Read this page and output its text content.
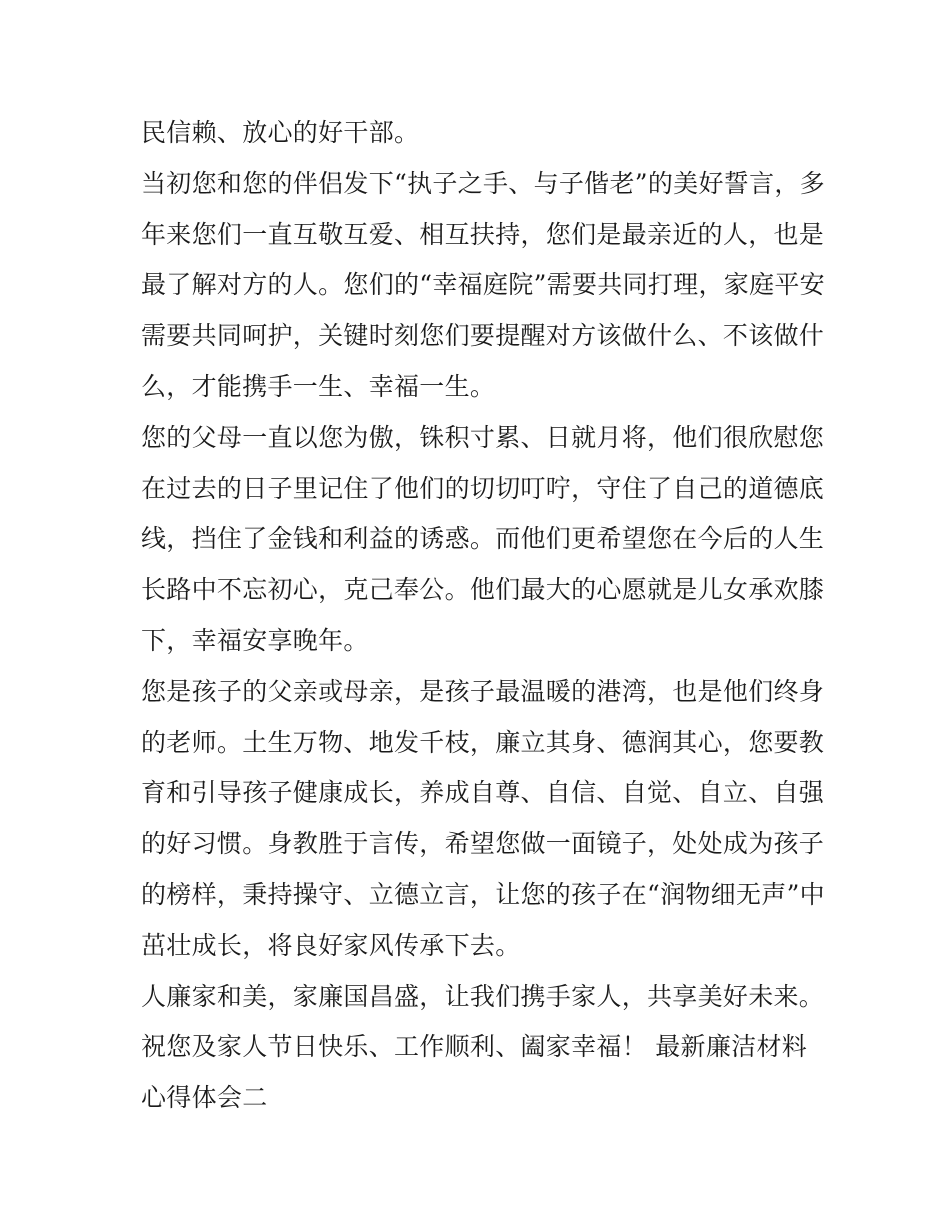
民信赖、放心的好干部。
当初您和您的伴侣发下“执子之手、与子偕老”的美好誓言，多
年来您们一直互敬互爱、相互扶持，您们是最亲近的人，也是
最了解对方的人。您们的“幸福庭院”需要共同打理，家庭平安
需要共同呵护，关键时刻您们要提醒对方该做什么、不该做什
么，才能携手一生、幸福一生。
您的父母一直以您为傲，铢积寸累、日就月将，他们很欣慰您
在过去的日子里记住了他们的切切叮咛，守住了自己的道德底
线，挡住了金钱和利益的诱惑。而他们更希望您在今后的人生
长路中不忘初心，克己奉公。他们最大的心愿就是儿女承欢膝
下，幸福安享晚年。
您是孩子的父亲或母亲，是孩子最温暖的港湾，也是他们终身
的老师。土生万物、地发千枝，廉立其身、德润其心，您要教
育和引导孩子健康成长，养成自尊、自信、自觉、自立、自强
的好习惯。身教胜于言传，希望您做一面镜子，处处成为孩子
的榜样，秉持操守、立德立言，让您的孩子在“润物细无声”中
茁壮成长，将良好家风传承下去。
人廉家和美，家廉国昌盛，让我们携手家人，共享美好未来。
祝您及家人节日快乐、工作顺利、阖家幸福！ 最新廉洁材料
心得体会二
